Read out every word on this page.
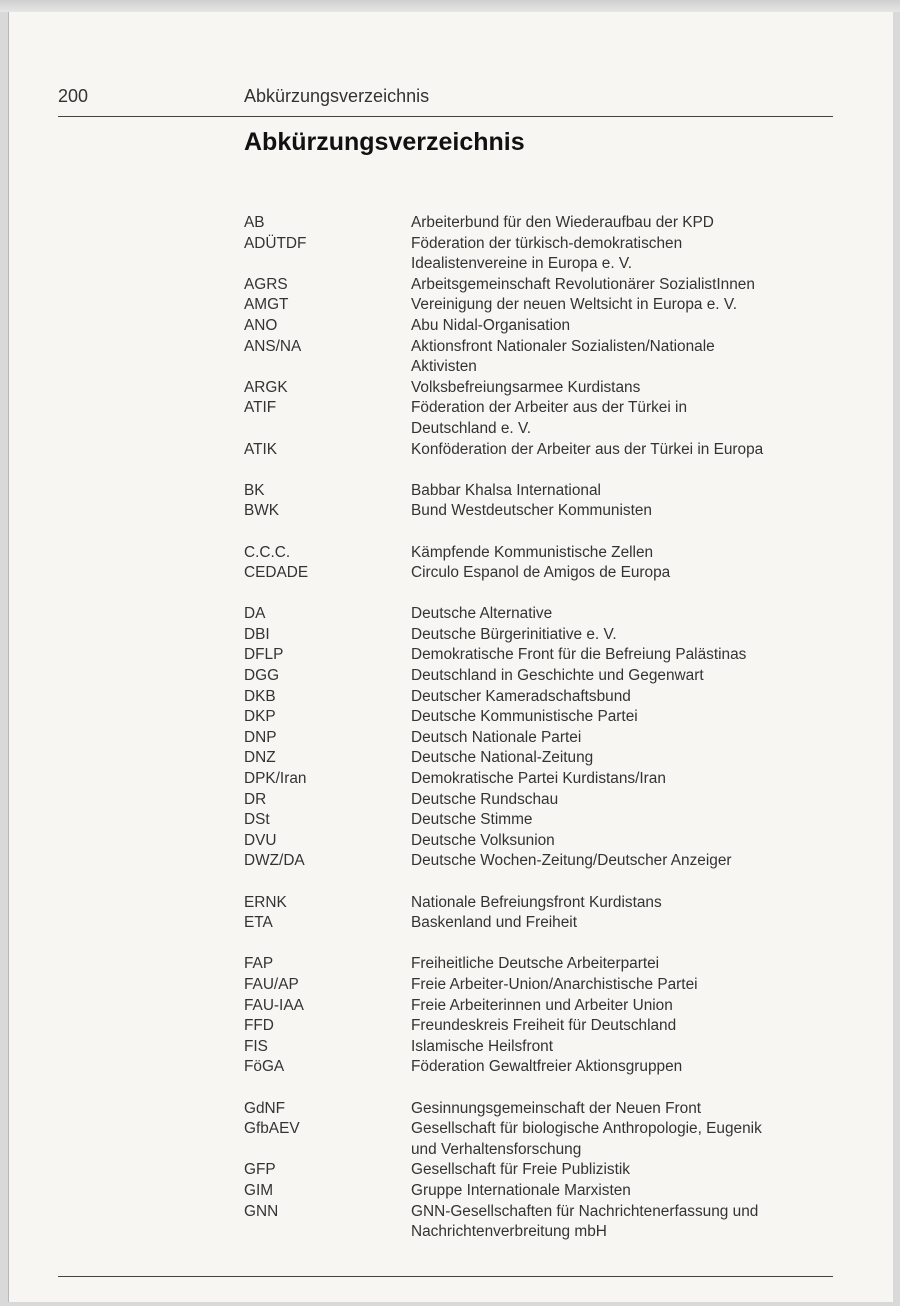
200	Abkürzungsverzeichnis
Abkürzungsverzeichnis
AB	Arbeiterbund für den Wiederaufbau der KPD
ADÜTDF	Föderation der türkisch-demokratischen
Idealistenvereine in Europa e. V.
AGRS	Arbeitsgemeinschaft Revolutionärer SozialistInnen
AMGT	Vereinigung der neuen Weltsicht in Europa e. V.
ANO	Abu Nidal-Organisation
ANS/NA	Aktionsfront Nationaler Sozialisten/Nationale
Aktivisten
ARGK	Volksbefreiungsarmee Kurdistans
ATIF	Föderation der Arbeiter aus der Türkei in
Deutschland e. V.
ATIK	Konföderation der Arbeiter aus der Türkei in Europa
BK	Babbar Khalsa International
BWK	Bund Westdeutscher Kommunisten
C.C.C.	Kämpfende Kommunistische Zellen
CEDADE	Circulo Espanol de Amigos de Europa
DA	Deutsche Alternative
DBI	Deutsche Bürgerinitiative e. V.
DFLP	Demokratische Front für die Befreiung Palästinas
DGG	Deutschland in Geschichte und Gegenwart
DKB	Deutscher Kameradschaftsbund
DKP	Deutsche Kommunistische Partei
DNP	Deutsch Nationale Partei
DNZ	Deutsche National-Zeitung
DPK/Iran	Demokratische Partei Kurdistans/Iran
DR	Deutsche Rundschau
DSt	Deutsche Stimme
DVU	Deutsche Volksunion
DWZ/DA	Deutsche Wochen-Zeitung/Deutscher Anzeiger
ERNK	Nationale Befreiungsfront Kurdistans
ETA	Baskenland und Freiheit
FAP	Freiheitliche Deutsche Arbeiterpartei
FAU/AP	Freie Arbeiter-Union/Anarchistische Partei
FAU-IAA	Freie Arbeiterinnen und Arbeiter Union
FFD	Freundeskreis Freiheit für Deutschland
FIS	Islamische Heilsfront
FöGA	Föderation Gewaltfreier Aktionsgruppen
GdNF	Gesinnungsgemeinschaft der Neuen Front
GfbAEV	Gesellschaft für biologische Anthropologie, Eugenik
und Verhaltensforschung
GFP	Gesellschaft für Freie Publizistik
GIM	Gruppe Internationale Marxisten
GNN	GNN-Gesellschaften für Nachrichtenerfassung und
Nachrichtenverbreitung mbH
